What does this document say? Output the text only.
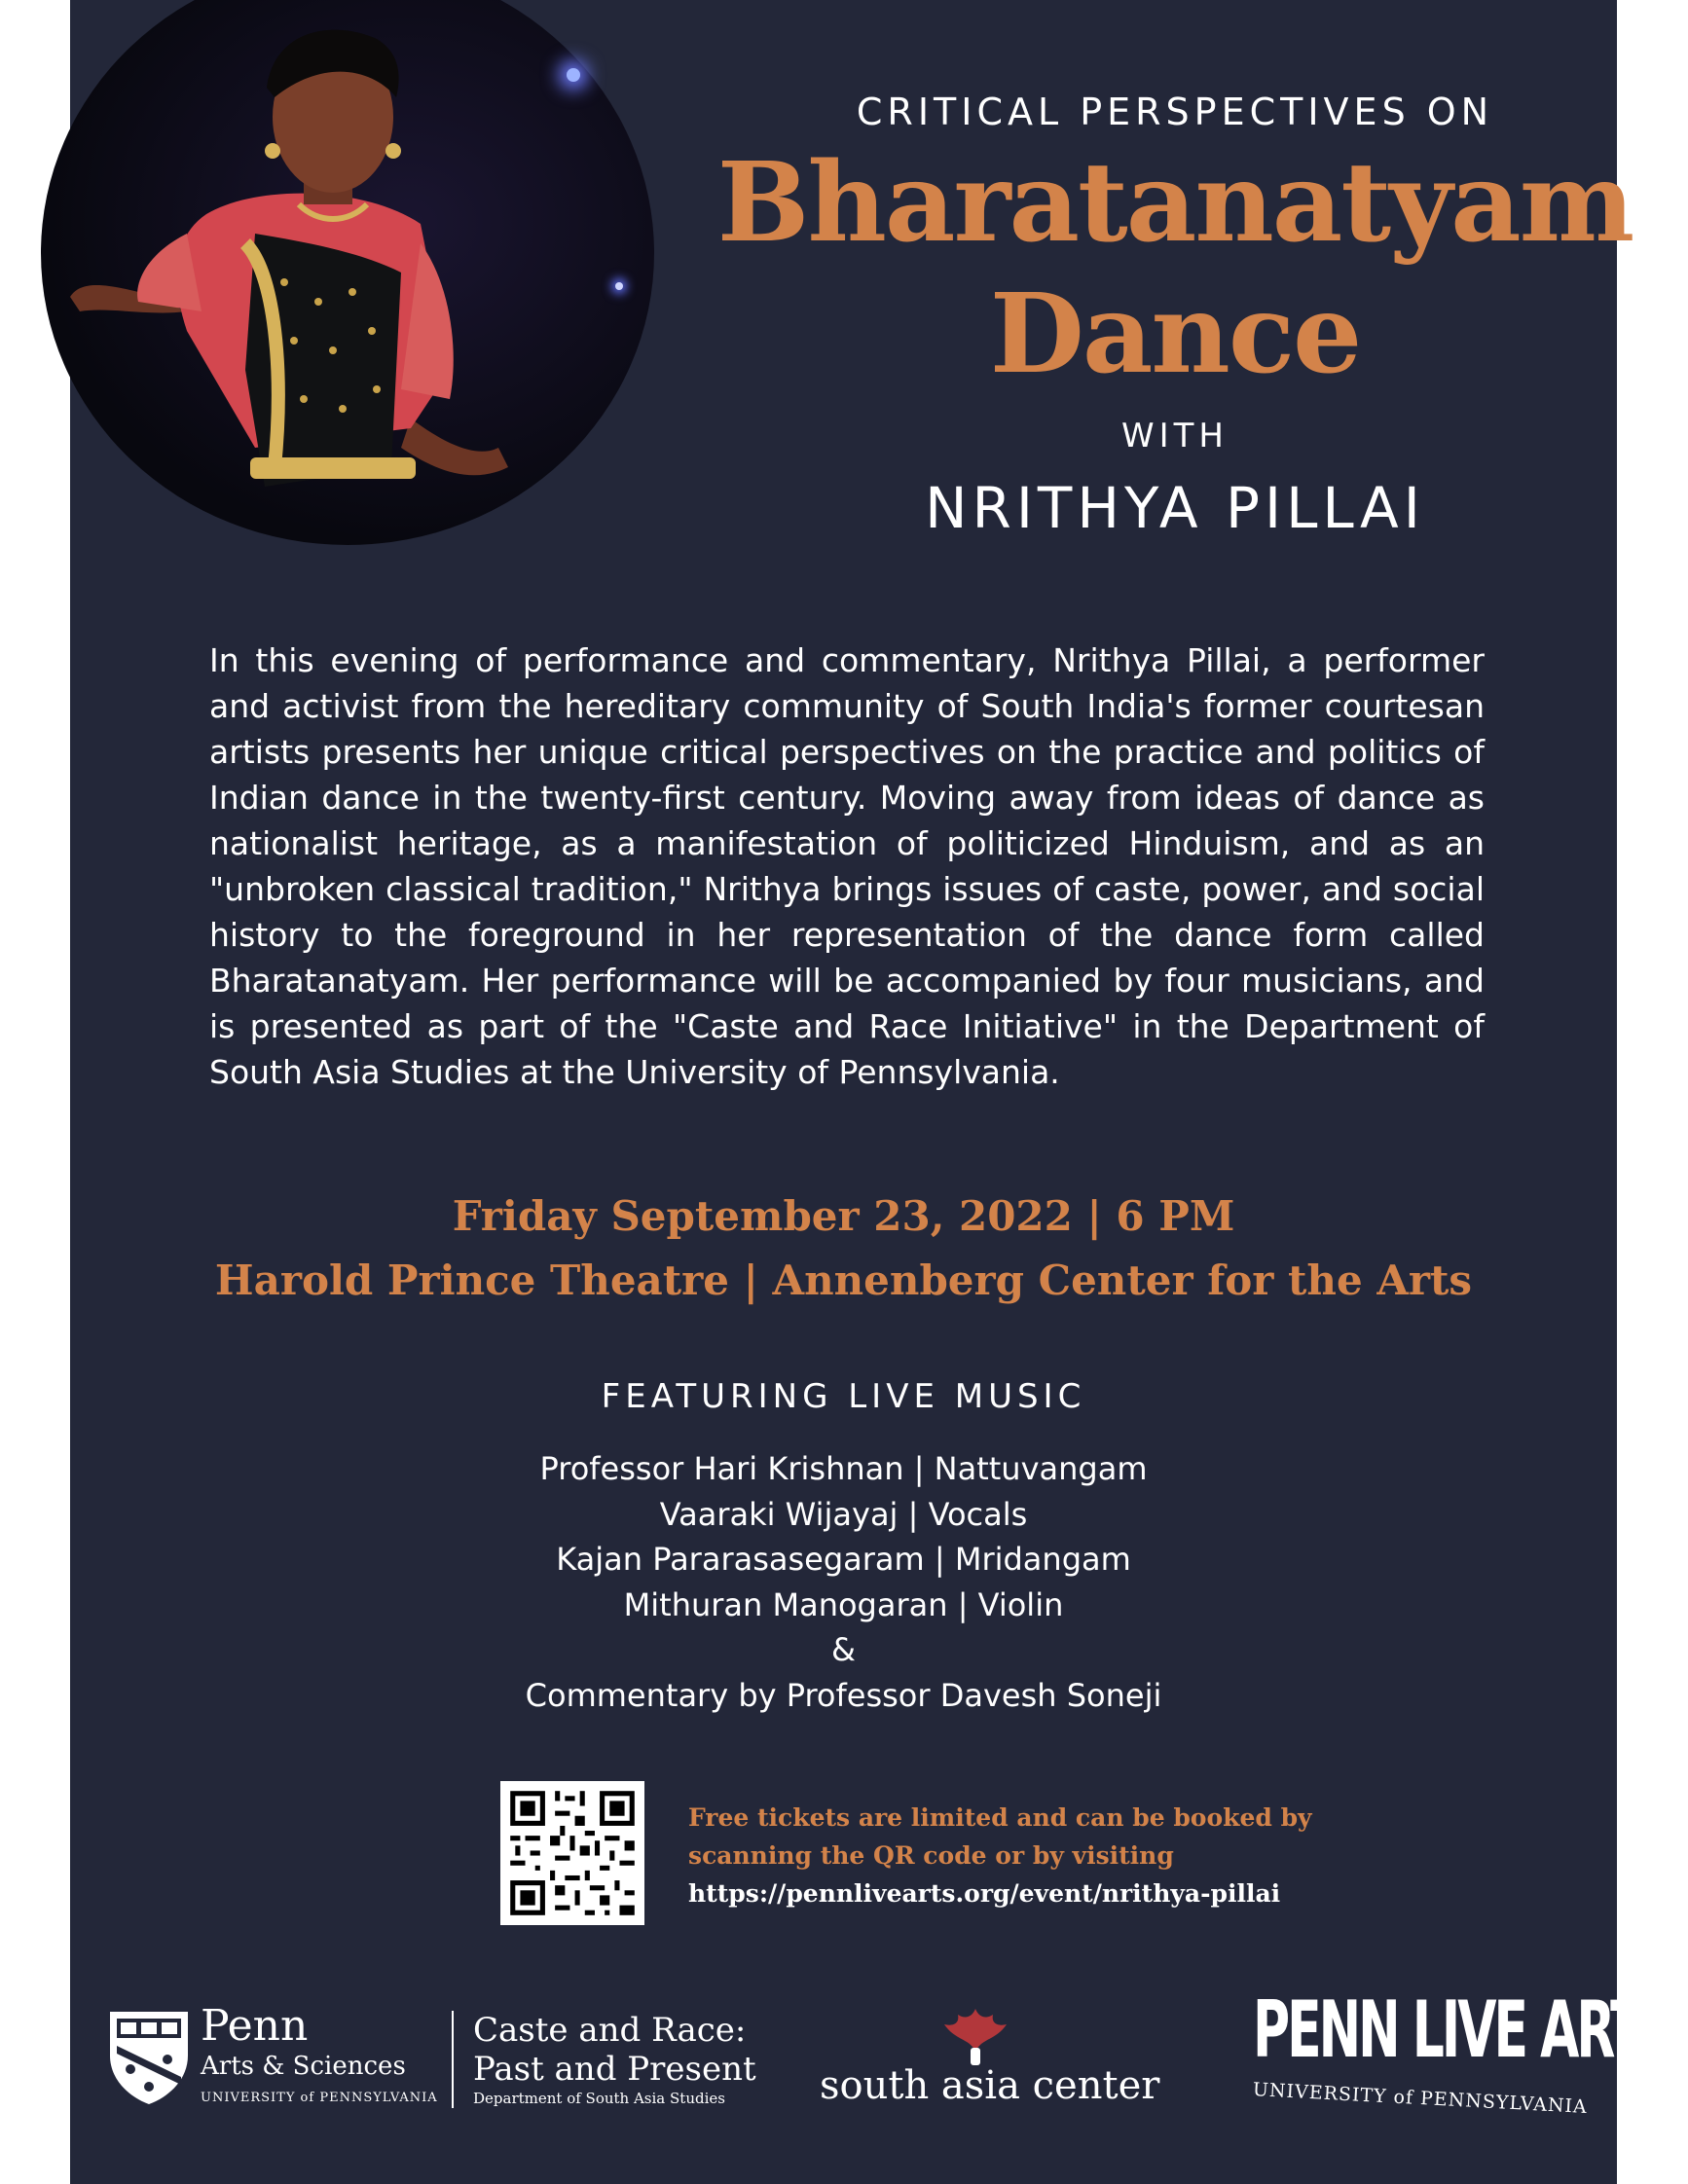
CRITICAL PERSPECTIVES ON
Bharatanatyam
Dance
WITH
NRITHYA PILLAI
In this evening of performance and commentary, Nrithya Pillai, a performer and activist from the hereditary community of South India's former courtesan artists presents her unique critical perspectives on the practice and politics of Indian dance in the twenty-first century. Moving away from ideas of dance as nationalist heritage, as a manifestation of politicized Hinduism, and as an "unbroken classical tradition," Nrithya brings issues of caste, power, and social history to the foreground in her representation of the dance form called Bharatanatyam. Her performance will be accompanied by four musicians, and is presented as part of the "Caste and Race Initiative" in the Department of South Asia Studies at the University of Pennsylvania.
Friday September 23, 2022 | 6 PM
Harold Prince Theatre | Annenberg Center for the Arts
FEATURING LIVE MUSIC
Professor Hari Krishnan | Nattuvangam
Vaaraki Wijayaj | Vocals
Kajan Pararasasegaram | Mridangam
Mithuran Manogaran | Violin
&
Commentary by Professor Davesh Soneji
Free tickets are limited and can be booked by
scanning the QR code or by visiting
https://pennlivearts.org/event/nrithya-pillai
Penn
Arts & Sciences
UNIVERSITY of PENNSYLVANIA
Caste and Race:
Past and Present
Department of South Asia Studies	south asia center
PENN LIVE ARTS
UNIVERSITY of PENNSYLVANIA
